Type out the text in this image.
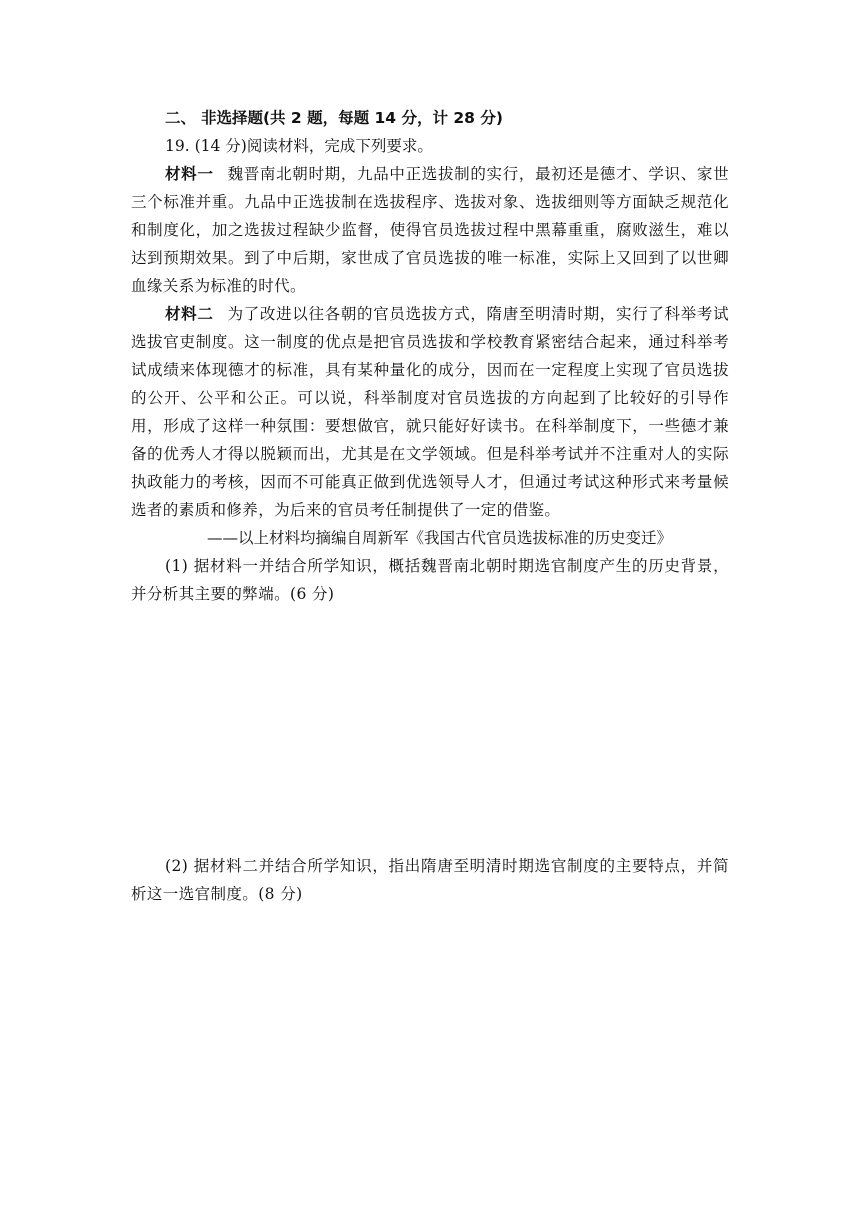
二、 非选择题(共 2 题，每题 14 分，计 28 分)

19. (14 分)阅读材料，完成下列要求。

材料一 魏晋南北朝时期，九品中正选拔制的实行，最初还是德才、学识、家世三个标准并重。九品中正选拔制在选拔程序、选拔对象、选拔细则等方面缺乏规范化和制度化，加之选拔过程缺少监督，使得官员选拔过程中黑幕重重，腐败滋生，难以达到预期效果。到了中后期，家世成了官员选拔的唯一标准，实际上又回到了以世卿血缘关系为标准的时代。

材料二 为了改进以往各朝的官员选拔方式，隋唐至明清时期，实行了科举考试选拔官吏制度。这一制度的优点是把官员选拔和学校教育紧密结合起来，通过科举考试成绩来体现德才的标准，具有某种量化的成分，因而在一定程度上实现了官员选拔的公开、公平和公正。可以说，科举制度对官员选拔的方向起到了比较好的引导作用，形成了这样一种氛围：要想做官，就只能好好读书。在科举制度下，一些德才兼备的优秀人才得以脱颖而出，尤其是在文学领域。但是科举考试并不注重对人的实际执政能力的考核，因而不可能真正做到优选领导人才，但通过考试这种形式来考量候选者的素质和修养，为后来的官员考任制提供了一定的借鉴。

——以上材料均摘编自周新军《我国古代官员选拔标准的历史变迁》

(1) 据材料一并结合所学知识，概括魏晋南北朝时期选官制度产生的历史背景，并分析其主要的弊端。(6 分)

(2) 据材料二并结合所学知识，指出隋唐至明清时期选官制度的主要特点，并简析这一选官制度。(8 分)
